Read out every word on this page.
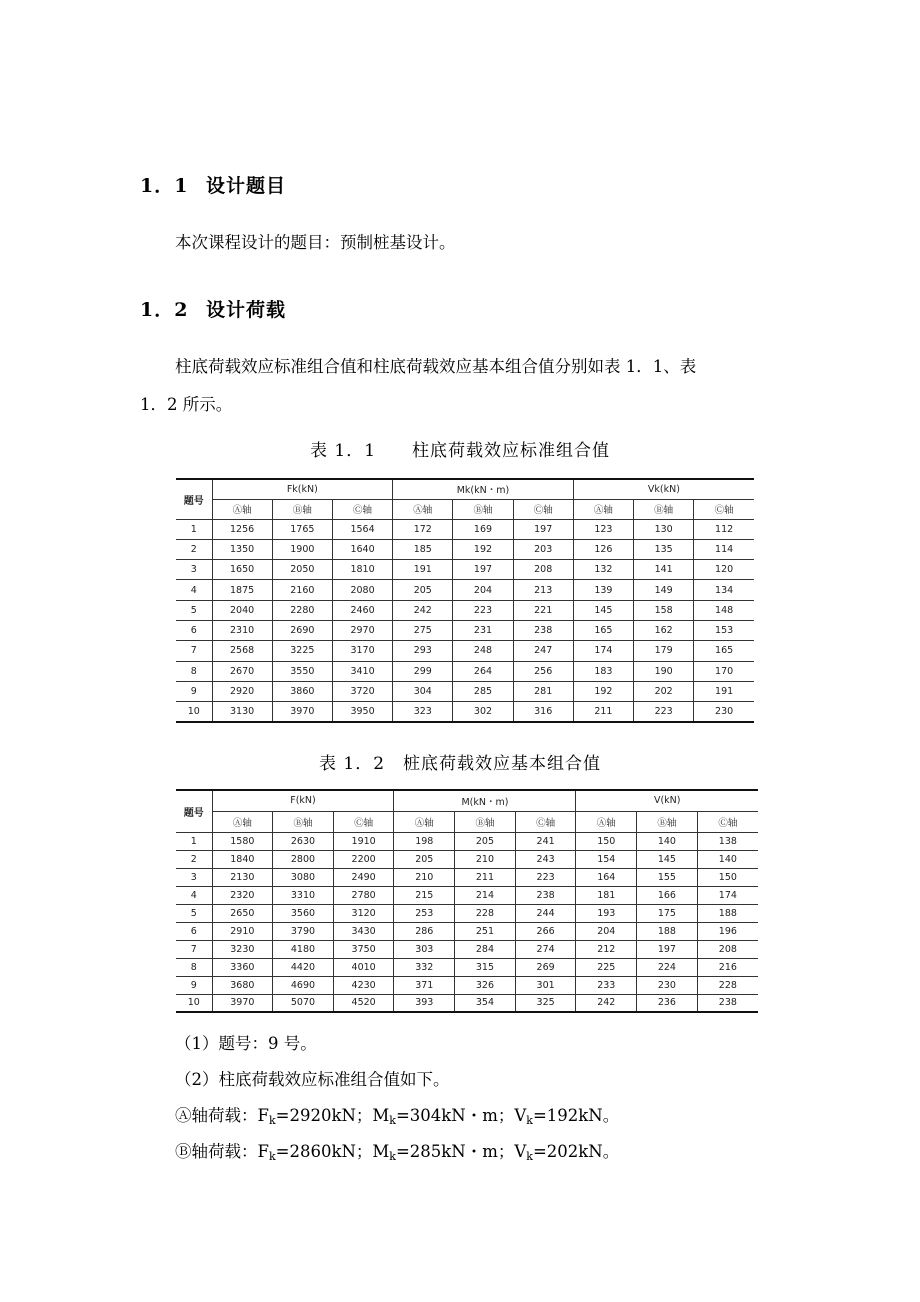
1．1 设计题目
本次课程设计的题目：预制桩基设计。
1．2 设计荷载
柱底荷载效应标准组合值和柱底荷载效应基本组合值分别如表 1．1、表
1．2 所示。
表 1．1　　柱底荷载效应标准组合值
题号	Fk(kN)			Mk(kN・m)			Vk(kN)		
	Ⓐ轴	Ⓑ轴	Ⓒ轴	Ⓐ轴	Ⓑ轴	Ⓒ轴	Ⓐ轴	Ⓑ轴	Ⓒ轴
1	1256	1765	1564	172	169	197	123	130	112
2	1350	1900	1640	185	192	203	126	135	114
3	1650	2050	1810	191	197	208	132	141	120
4	1875	2160	2080	205	204	213	139	149	134
5	2040	2280	2460	242	223	221	145	158	148
6	2310	2690	2970	275	231	238	165	162	153
7	2568	3225	3170	293	248	247	174	179	165
8	2670	3550	3410	299	264	256	183	190	170
9	2920	3860	3720	304	285	281	192	202	191
10	3130	3970	3950	323	302	316	211	223	230
表 1．2　桩底荷载效应基本组合值
题号	F(kN)			M(kN・m)			V(kN)		
	Ⓐ轴	Ⓑ轴	Ⓒ轴	Ⓐ轴	Ⓑ轴	Ⓒ轴	Ⓐ轴	Ⓑ轴	Ⓒ轴
1	1580	2630	1910	198	205	241	150	140	138
2	1840	2800	2200	205	210	243	154	145	140
3	2130	3080	2490	210	211	223	164	155	150
4	2320	3310	2780	215	214	238	181	166	174
5	2650	3560	3120	253	228	244	193	175	188
6	2910	3790	3430	286	251	266	204	188	196
7	3230	4180	3750	303	284	274	212	197	208
8	3360	4420	4010	332	315	269	225	224	216
9	3680	4690	4230	371	326	301	233	230	228
10	3970	5070	4520	393	354	325	242	236	238
（1）题号：9 号。
（2）柱底荷载效应标准组合值如下。
Ⓐ轴荷载：$F_k=2920kN$；$M_k=304kN$・m；$V_k=192kN$。
Ⓑ轴荷载：$F_k=2860kN$；$M_k=285kN$・m；$V_k=202kN$。
